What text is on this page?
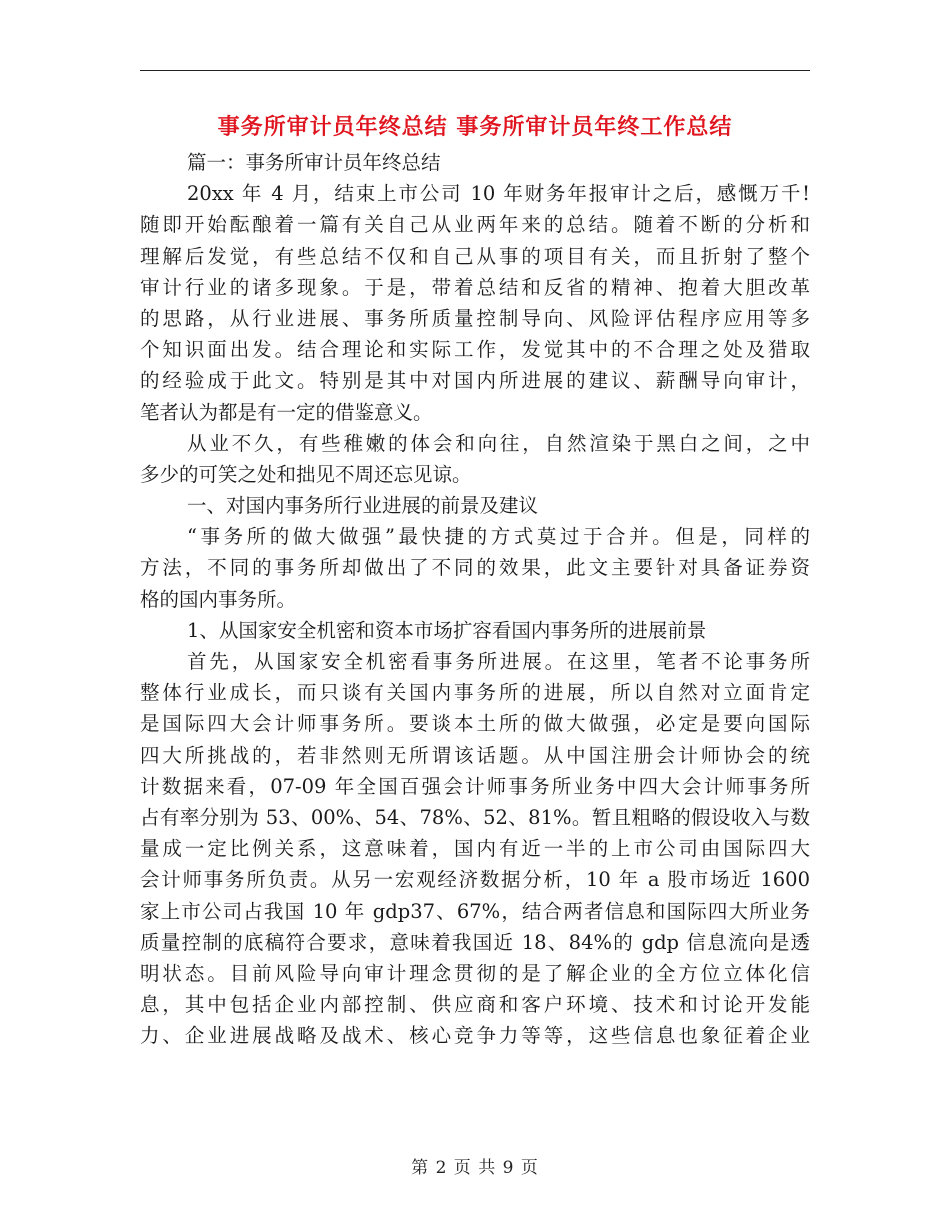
事务所审计员年终总结 事务所审计员年终工作总结
篇一：事务所审计员年终总结
20xx 年 4 月，结束上市公司 10 年财务年报审计之后，感慨万千!
随即开始酝酿着一篇有关自己从业两年来的总结。随着不断的分析和
理解后发觉，有些总结不仅和自己从事的项目有关，而且折射了整个
审计行业的诸多现象。于是，带着总结和反省的精神、抱着大胆改革
的思路，从行业进展、事务所质量控制导向、风险评估程序应用等多
个知识面出发。结合理论和实际工作，发觉其中的不合理之处及猎取
的经验成于此文。特别是其中对国内所进展的建议、薪酬导向审计，
笔者认为都是有一定的借鉴意义。
从业不久，有些稚嫩的体会和向往，自然渲染于黑白之间，之中
多少的可笑之处和拙见不周还忘见谅。
一、对国内事务所行业进展的前景及建议
“事务所的做大做强”最快捷的方式莫过于合并。但是，同样的
方法，不同的事务所却做出了不同的效果，此文主要针对具备证券资
格的国内事务所。
1、从国家安全机密和资本市场扩容看国内事务所的进展前景
首先，从国家安全机密看事务所进展。在这里，笔者不论事务所
整体行业成长，而只谈有关国内事务所的进展，所以自然对立面肯定
是国际四大会计师事务所。要谈本土所的做大做强，必定是要向国际
四大所挑战的，若非然则无所谓该话题。从中国注册会计师协会的统
计数据来看，07-09 年全国百强会计师事务所业务中四大会计师事务所
占有率分别为 53、00%、54、78%、52、81%。暂且粗略的假设收入与数
量成一定比例关系，这意味着，国内有近一半的上市公司由国际四大
会计师事务所负责。从另一宏观经济数据分析，10 年 a 股市场近 1600
家上市公司占我国 10 年 gdp37、67%，结合两者信息和国际四大所业务
质量控制的底稿符合要求，意味着我国近 18、84%的 gdp 信息流向是透
明状态。目前风险导向审计理念贯彻的是了解企业的全方位立体化信
息，其中包括企业内部控制、供应商和客户环境、技术和讨论开发能
力、企业进展战略及战术、核心竞争力等等，这些信息也象征着企业
第 2 页 共 9 页
